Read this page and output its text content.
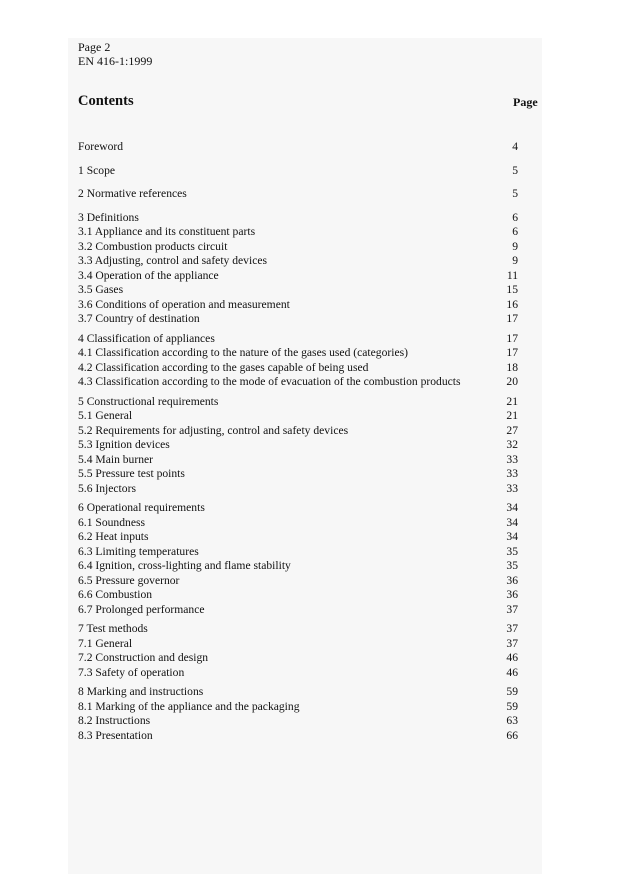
Page 2
EN 416-1:1999
Contents	Page
Foreword	4
1 Scope	5
2 Normative references	5
3 Definitions	6
3.1 Appliance and its constituent parts	6
3.2 Combustion products circuit	9
3.3 Adjusting, control and safety devices	9
3.4 Operation of the appliance	11
3.5 Gases	15
3.6 Conditions of operation and measurement	16
3.7 Country of destination	17
4 Classification of appliances	17
4.1 Classification according to the nature of the gases used (categories)	17
4.2 Classification according to the gases capable of being used	18
4.3 Classification according to the mode of evacuation of the combustion products	20
5 Constructional requirements	21
5.1 General	21
5.2 Requirements for adjusting, control and safety devices	27
5.3 Ignition devices	32
5.4 Main burner	33
5.5 Pressure test points	33
5.6 Injectors	33
6 Operational requirements	34
6.1 Soundness	34
6.2 Heat inputs	34
6.3 Limiting temperatures	35
6.4 Ignition, cross-lighting and flame stability	35
6.5 Pressure governor	36
6.6 Combustion	36
6.7 Prolonged performance	37
7 Test methods	37
7.1 General	37
7.2 Construction and design	46
7.3 Safety of operation	46
8 Marking and instructions	59
8.1 Marking of the appliance and the packaging	59
8.2 Instructions	63
8.3 Presentation	66
